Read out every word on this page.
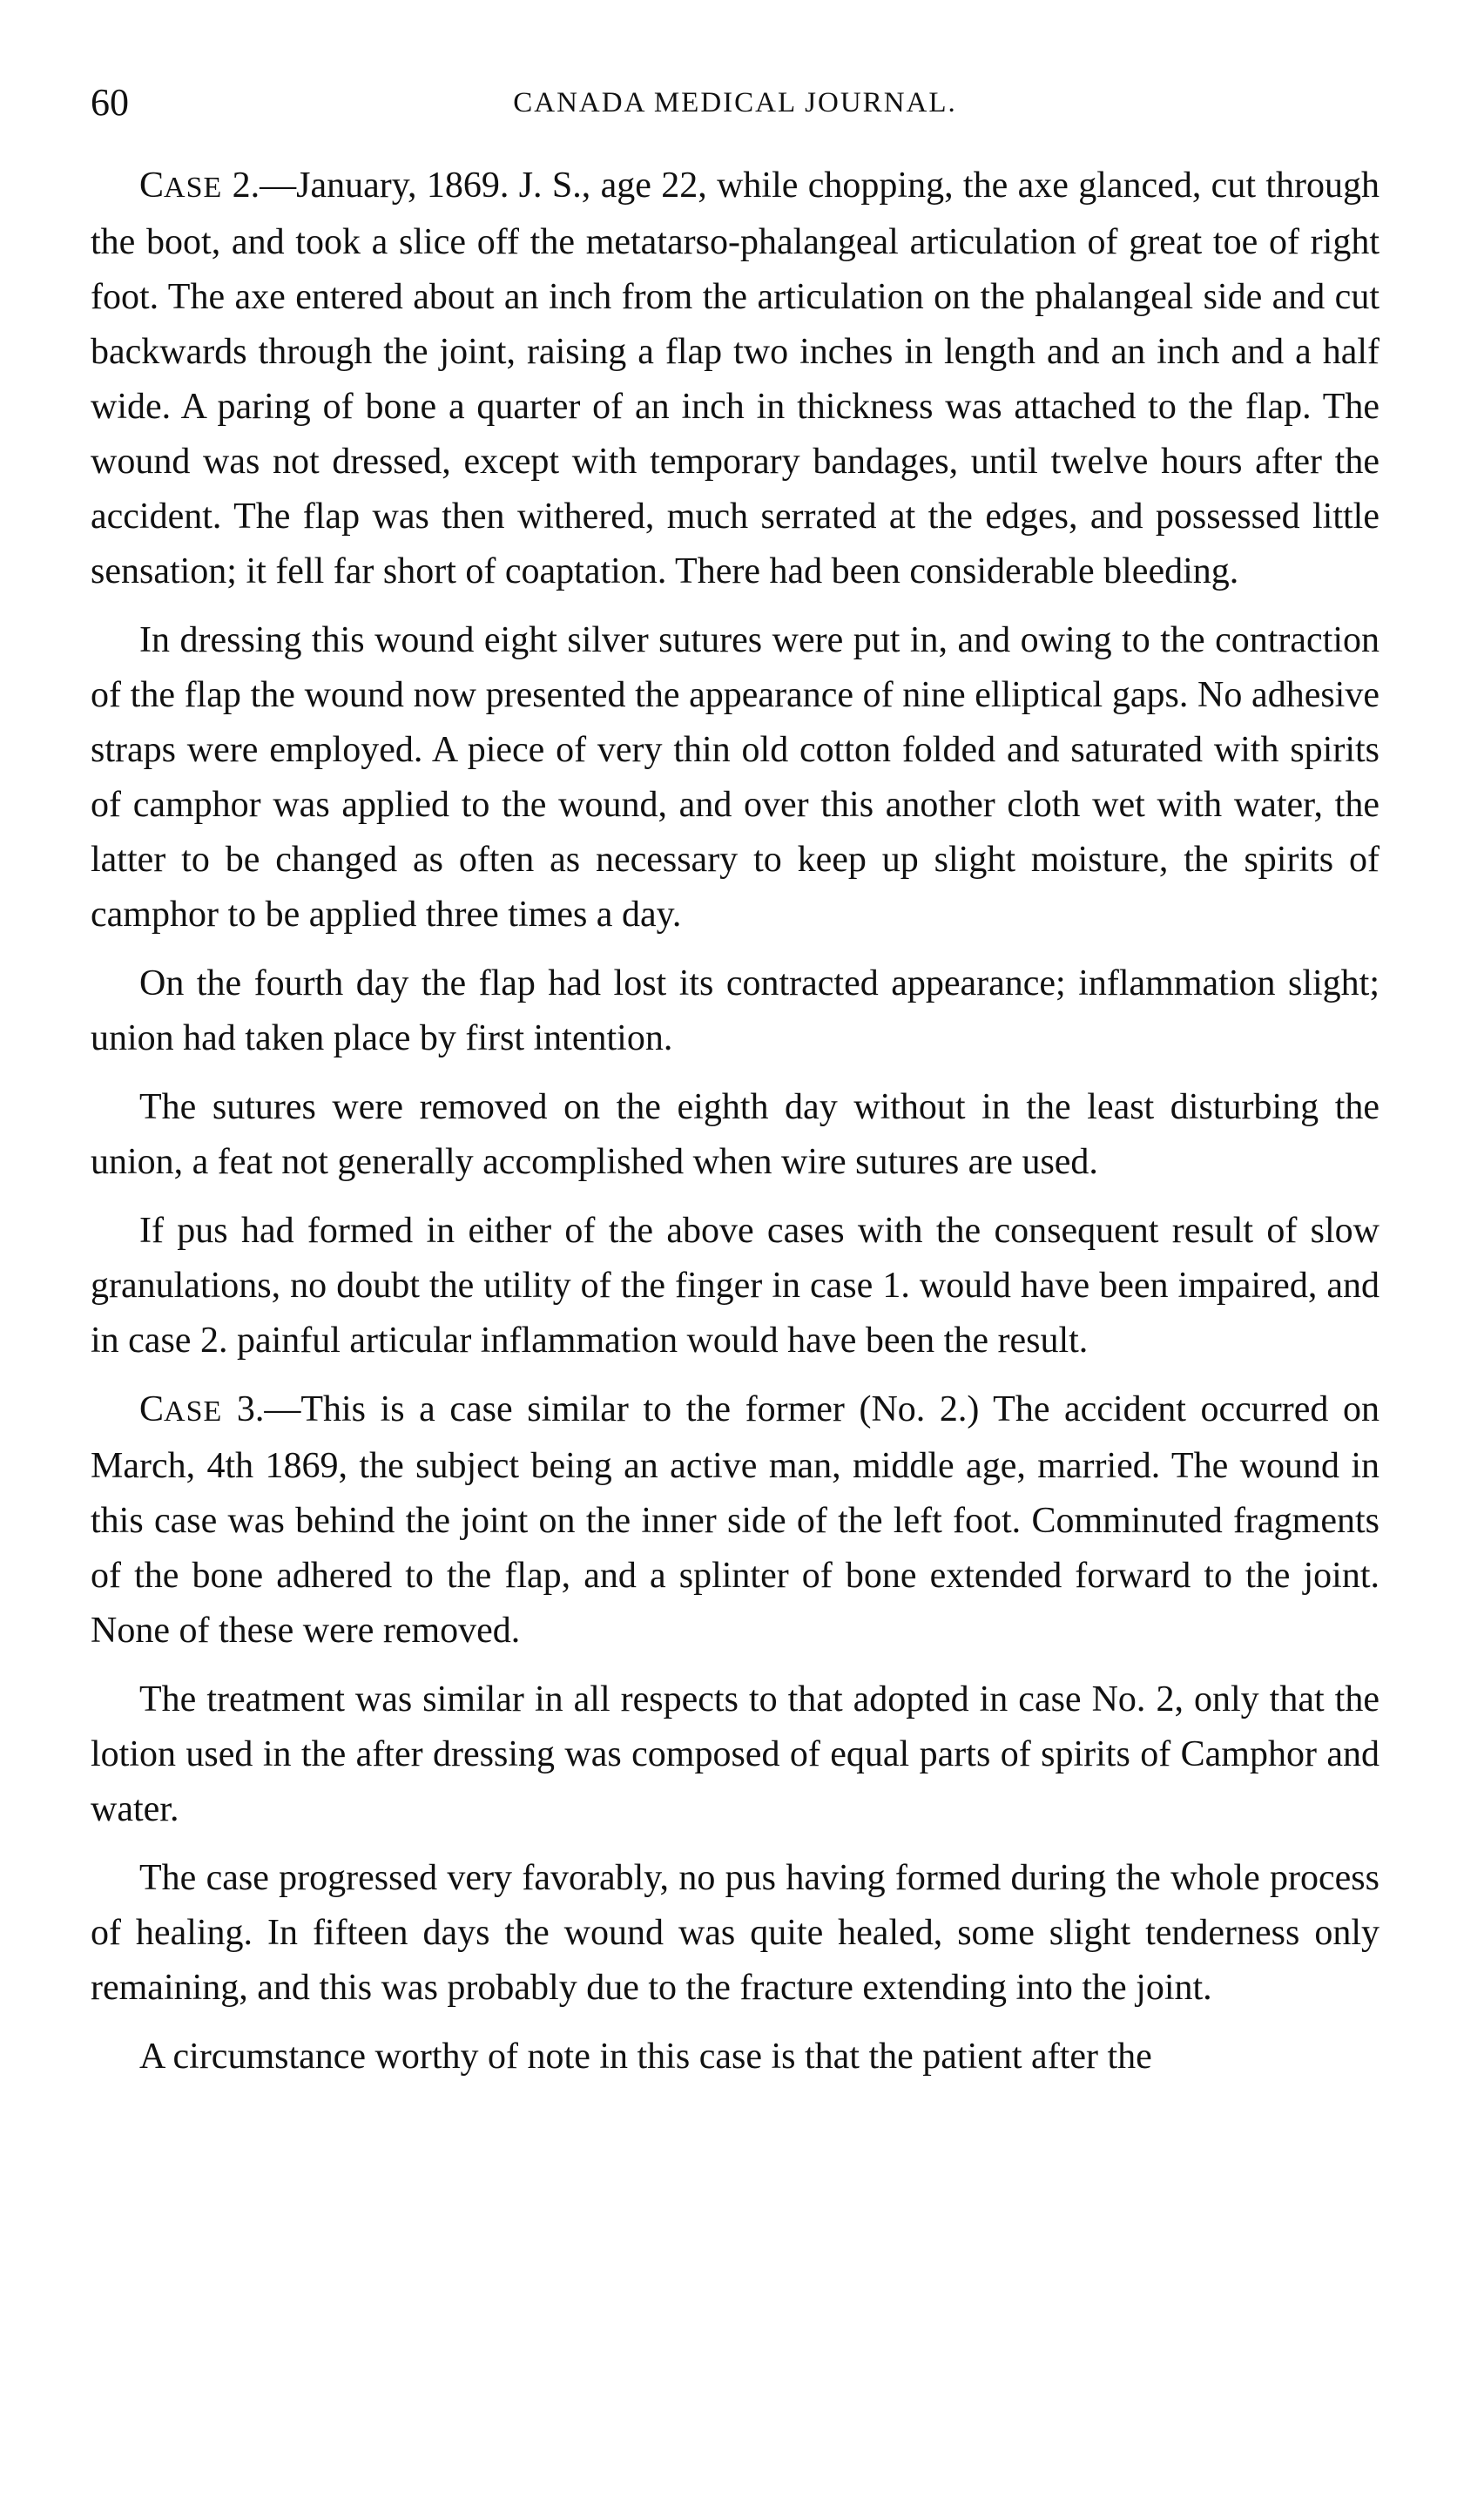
60	CANADA MEDICAL JOURNAL.

CASE 2.—January, 1869. J. S., age 22, while chopping, the axe glanced, cut through the boot, and took a slice off the metatarso-phalangeal articulation of great toe of right foot. The axe entered about an inch from the articulation on the phalangeal side and cut backwards through the joint, raising a flap two inches in length and an inch and a half wide. A paring of bone a quarter of an inch in thickness was attached to the flap. The wound was not dressed, except with temporary bandages, until twelve hours after the accident. The flap was then withered, much serrated at the edges, and possessed little sensation; it fell far short of coaptation. There had been considerable bleeding.

In dressing this wound eight silver sutures were put in, and owing to the contraction of the flap the wound now presented the appearance of nine elliptical gaps. No adhesive straps were employed. A piece of very thin old cotton folded and saturated with spirits of camphor was applied to the wound, and over this another cloth wet with water, the latter to be changed as often as necessary to keep up slight moisture, the spirits of camphor to be applied three times a day.

On the fourth day the flap had lost its contracted appearance; inflammation slight; union had taken place by first intention.

The sutures were removed on the eighth day without in the least disturbing the union, a feat not generally accomplished when wire sutures are used.

If pus had formed in either of the above cases with the consequent result of slow granulations, no doubt the utility of the finger in case 1. would have been impaired, and in case 2. painful articular inflammation would have been the result.

CASE 3.—This is a case similar to the former (No. 2.) The accident occurred on March, 4th 1869, the subject being an active man, middle age, married. The wound in this case was behind the joint on the inner side of the left foot. Comminuted fragments of the bone adhered to the flap, and a splinter of bone extended forward to the joint. None of these were removed.

The treatment was similar in all respects to that adopted in case No. 2, only that the lotion used in the after dressing was composed of equal parts of spirits of Camphor and water.

The case progressed very favorably, no pus having formed during the whole process of healing. In fifteen days the wound was quite healed, some slight tenderness only remaining, and this was probably due to the fracture extending into the joint.

A circumstance worthy of note in this case is that the patient after the
